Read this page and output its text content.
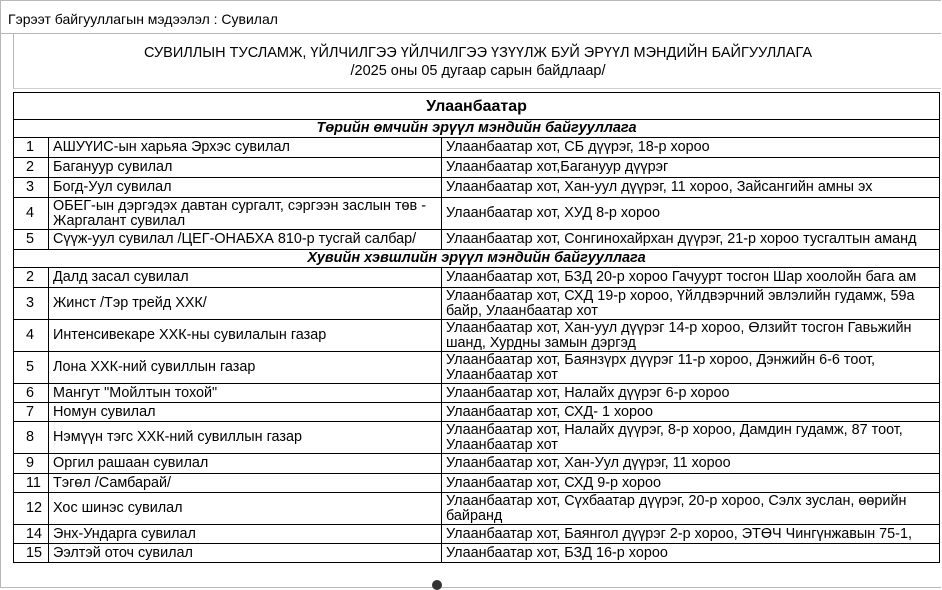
Гэрээт байгууллагын мэдээлэл : Сувилал
СУВИЛЛЫН ТУСЛАМЖ, ҮЙЛЧИЛГЭЭ ҮЙЛЧИЛГЭЭ ҮЗҮҮЛЖ БУЙ ЭРҮҮЛ МЭНДИЙН БАЙГУУЛЛАГА
/2025 оны 05 дугаар сарын байдлаар/
Улаанбаатар		
Төрийн өмчийн эрүүл мэндийн байгууллага		
1	АШУҮИС-ын харьяа Эрхэс сувилал	Улаанбаатар хот, СБ дүүрэг, 18-р хороо
2	Багануур сувилал	Улаанбаатар хот,Багануур дүүрэг
3	Богд-Уул сувилал	Улаанбаатар хот, Хан-уул дүүрэг, 11 хороо, Зайсангийн амны эх
4	ОБЕГ-ын дэргэдэх давтан сургалт, сэргээн заслын төв - Жаргалант сувилал	Улаанбаатар хот, ХУД 8-р хороо
5	Сүүж-уул сувилал /ЦЕГ-ОНАБХА 810-р тусгай салбар/	Улаанбаатар хот, Сонгинохайрхан дүүрэг, 21-р хороо тусгалтын аманд
Хувийн хэвшлийн эрүүл мэндийн байгууллага		
2	Далд засал сувилал	Улаанбаатар хот, БЗД 20-р хороо Гачуурт тосгон Шар хоолойн бага ам
3	Жинст /Тэр трейд ХХК/	Улаанбаатар хот, СХД 19-р хороо, Үйлдвэрчний эвлэлийн гудамж, 59а байр, Улаанбаатар хот
4	Интенсивекаре ХХК-ны сувилалын газар	Улаанбаатар хот, Хан-уул дүүрэг 14-р хороо, Өлзийт тосгон Гавьжийн шанд, Хурдны замын дэргэд
5	Лона ХХК-ний сувиллын газар	Улаанбаатар хот, Баянзүрх дүүрэг 11-р хороо, Дэнжийн 6-6 тоот, Улаанбаатар хот
6	Мангут "Мойлтын тохой"	Улаанбаатар хот, Налайх дүүрэг 6-р хороо
7	Номун сувилал	Улаанбаатар хот, СХД- 1 хороо
8	Нэмүүн тэгс ХХК-ний сувиллын газар	Улаанбаатар хот, Налайх дүүрэг, 8-р хороо, Дамдин гудамж, 87 тоот, Улаанбаатар хот
9	Оргил рашаан сувилал	Улаанбаатар хот, Хан-Уул дүүрэг, 11 хороо
11	Тэгөл /Самбарай/	Улаанбаатар хот, СХД 9-р хороо
12	Хос шинэс сувилал	Улаанбаатар хот, Сүхбаатар дүүрэг, 20-р хороо, Сэлх зуслан, өөрийн байранд
14	Энх-Ундарга сувилал	Улаанбаатар хот, Баянгол дүүрэг 2-р хороо, ЭТӨЧ Чингүнжавын 75-1,
15	Ээлтэй оточ сувилал	Улаанбаатар хот, БЗД 16-р хороо
